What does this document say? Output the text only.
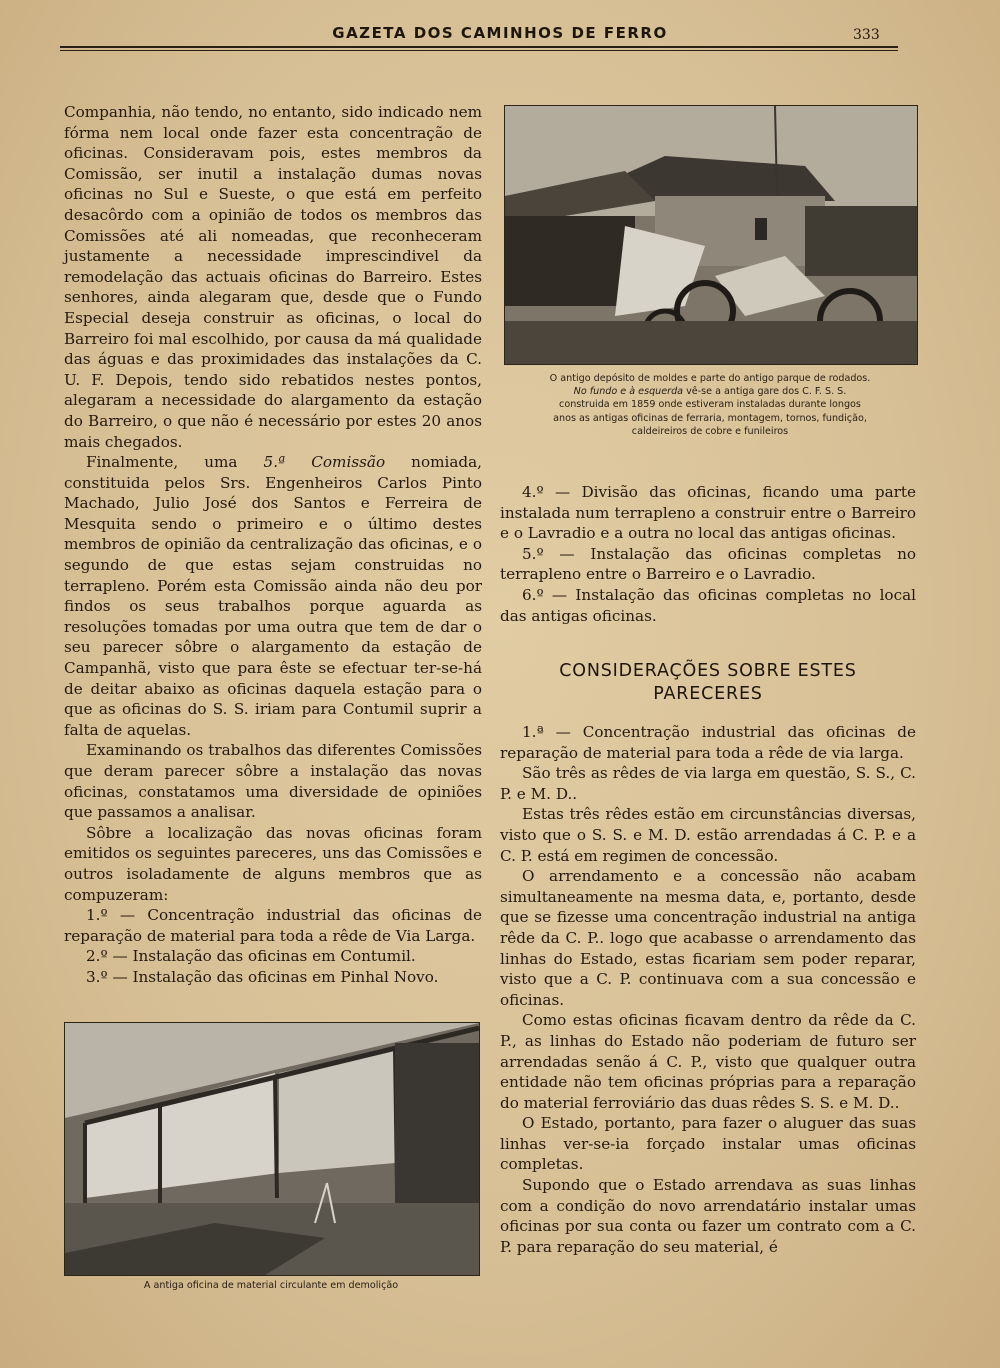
GAZETA DOS CAMINHOS DE FERRO	333

Companhia, não tendo, no entanto, sido indicado nem fórma nem local onde fazer esta concentração de oficinas. Consideravam pois, estes membros da Comissão, ser inutil a instalação dumas novas oficinas no Sul e Sueste, o que está em perfeito desacôrdo com a opinião de todos os membros das Comissões até ali nomeadas, que reconheceram justamente a necessidade imprescindivel da remodelação das actuais oficinas do Barreiro. Estes senhores, ainda alegaram que, desde que o Fundo Especial deseja construir as oficinas, o local do Barreiro foi mal escolhido, por causa da má qualidade das águas e das proximidades das instalações da C. U. F. Depois, tendo sido rebatidos nestes pontos, alegaram a necessidade do alargamento da estação do Barreiro, o que não é necessário por estes 20 anos mais chegados.

Finalmente, uma 5.ª Comissão nomiada, constituida pelos Srs. Engenheiros Carlos Pinto Machado, Julio José dos Santos e Ferreira de Mesquita sendo o primeiro e o último destes membros de opinião da centralização das oficinas, e o segundo de que estas sejam construidas no terrapleno. Porém esta Comissão ainda não deu por findos os seus trabalhos porque aguarda as resoluções tomadas por uma outra que tem de dar o seu parecer sôbre o alargamento da estação de Campanhã, visto que para êste se efectuar ter-se-há de deitar abaixo as oficinas daquela estação para o que as oficinas do S. S. iriam para Contumil suprir a falta de aquelas.

Examinando os trabalhos das diferentes Comissões que deram parecer sôbre a instalação das novas oficinas, constatamos uma diversidade de opiniões que passamos a analisar.

Sôbre a localização das novas oficinas foram emitidos os seguintes pareceres, uns das Comissões e outros isoladamente de alguns membros que as compuzeram:

1.º — Concentração industrial das oficinas de reparação de material para toda a rêde de Via Larga.

2.º — Instalação das oficinas em Contumil.

3.º — Instalação das oficinas em Pinhal Novo.

O antigo depósito de moldes e parte do antigo parque de rodados. No fundo e à esquerda vê-se a antiga gare dos C. F. S. S. construida em 1859 onde estiveram instaladas durante longos anos as antigas oficinas de ferraria, montagem, tornos, fundição, caldeireiros de cobre e funileiros

4.º — Divisão das oficinas, ficando uma parte instalada num terrapleno a construir entre o Barreiro e o Lavradio e a outra no local das antigas oficinas.

5.º — Instalação das oficinas completas no terrapleno entre o Barreiro e o Lavradio.

6.º — Instalação das oficinas completas no local das antigas oficinas.

CONSIDERAÇÕES SOBRE ESTES
PARECERES

1.ª — Concentração industrial das oficinas de reparação de material para toda a rêde de via larga.

São três as rêdes de via larga em questão, S. S., C. P. e M. D..

Estas três rêdes estão em circunstâncias diversas, visto que o S. S. e M. D. estão arrendadas á C. P. e a C. P. está em regimen de concessão.

O arrendamento e a concessão não acabam simultaneamente na mesma data, e, portanto, desde que se fizesse uma concentração industrial na antiga rêde da C. P.. logo que acabasse o arrendamento das linhas do Estado, estas ficariam sem poder reparar, visto que a C. P. continuava com a sua concessão e oficinas.

Como estas oficinas ficavam dentro da rêde da C. P., as linhas do Estado não poderiam de futuro ser arrendadas senão á C. P., visto que qualquer outra entidade não tem oficinas próprias para a reparação do material ferroviário das duas rêdes S. S. e M. D..

O Estado, portanto, para fazer o aluguer das suas linhas ver-se-ia forçado instalar umas oficinas completas.

Supondo que o Estado arrendava as suas linhas com a condição do novo arrendatário instalar umas oficinas por sua conta ou fazer um contrato com a C. P. para reparação do seu material, é

A antiga oficina de material circulante em demolição
